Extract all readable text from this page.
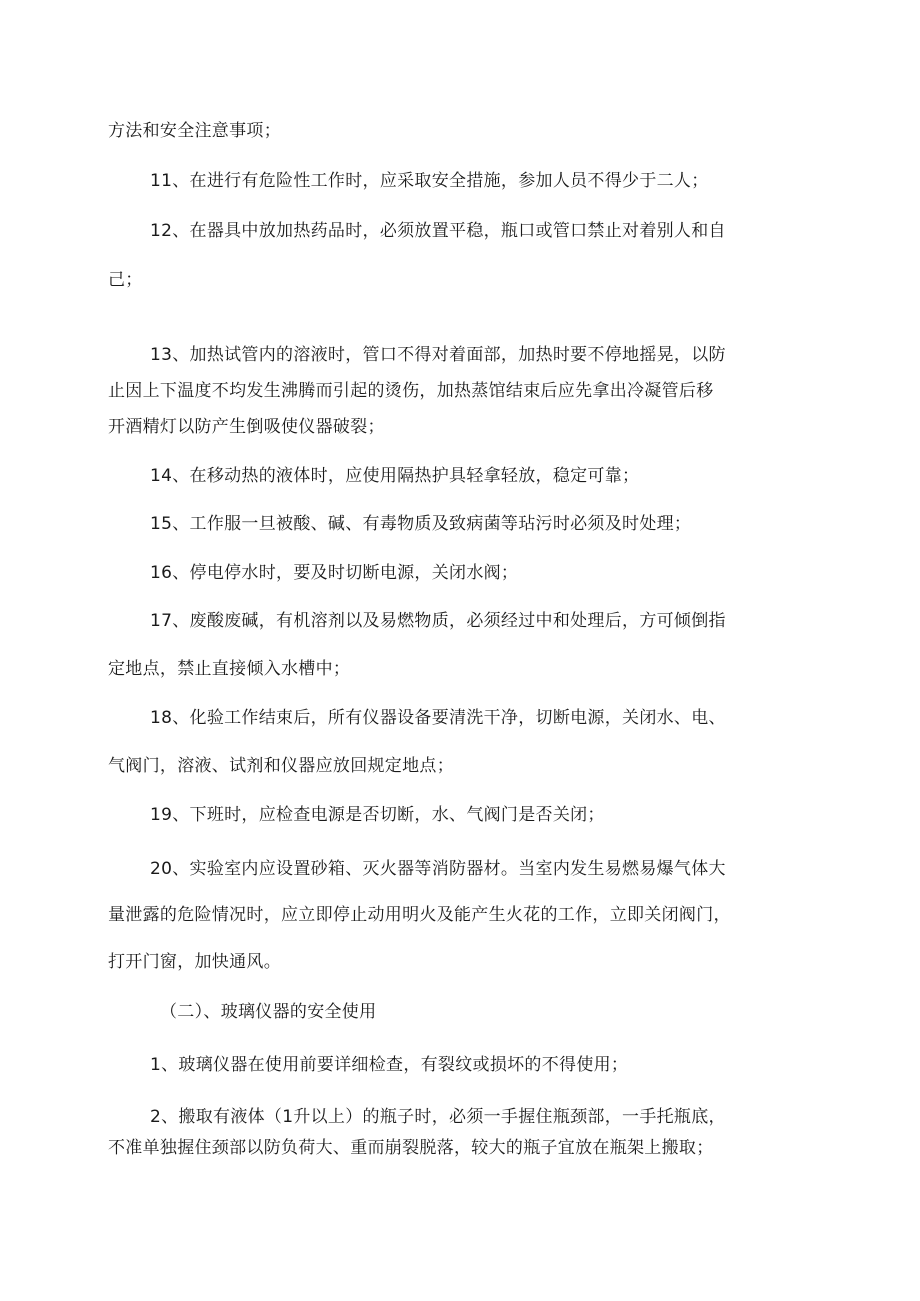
方法和安全注意事项；
11、在进行有危险性工作时，应采取安全措施，参加人员不得少于二人；
12、在器具中放加热药品时，必须放置平稳，瓶口或管口禁止对着别人和自
己；
13、加热试管内的溶液时，管口不得对着面部，加热时要不停地摇晃，以防
止因上下温度不均发生沸腾而引起的烫伤，加热蒸馆结束后应先拿出冷凝管后移
开酒精灯以防产生倒吸使仪器破裂；
14、在移动热的液体时，应使用隔热护具轻拿轻放，稳定可靠；
15、工作服一旦被酸、碱、有毒物质及致病菌等玷污时必须及时处理；
16、停电停水时，要及时切断电源，关闭水阀；
17、废酸废碱，有机溶剂以及易燃物质，必须经过中和处理后，方可倾倒指
定地点，禁止直接倾入水槽中；
18、化验工作结束后，所有仪器设备要清洗干净，切断电源，关闭水、电、
气阀门，溶液、试剂和仪器应放回规定地点；
19、下班时，应检查电源是否切断，水、气阀门是否关闭；
20、实验室内应设置砂箱、灭火器等消防器材。当室内发生易燃易爆气体大
量泄露的危险情况时，应立即停止动用明火及能产生火花的工作，立即关闭阀门，
打开门窗，加快通风。
（二）、玻璃仪器的安全使用
1、玻璃仪器在使用前要详细检查，有裂纹或损坏的不得使用；
2、搬取有液体（1升以上）的瓶子时，必须一手握住瓶颈部，一手托瓶底，
不准单独握住颈部以防负荷大、重而崩裂脱落，较大的瓶子宜放在瓶架上搬取；
